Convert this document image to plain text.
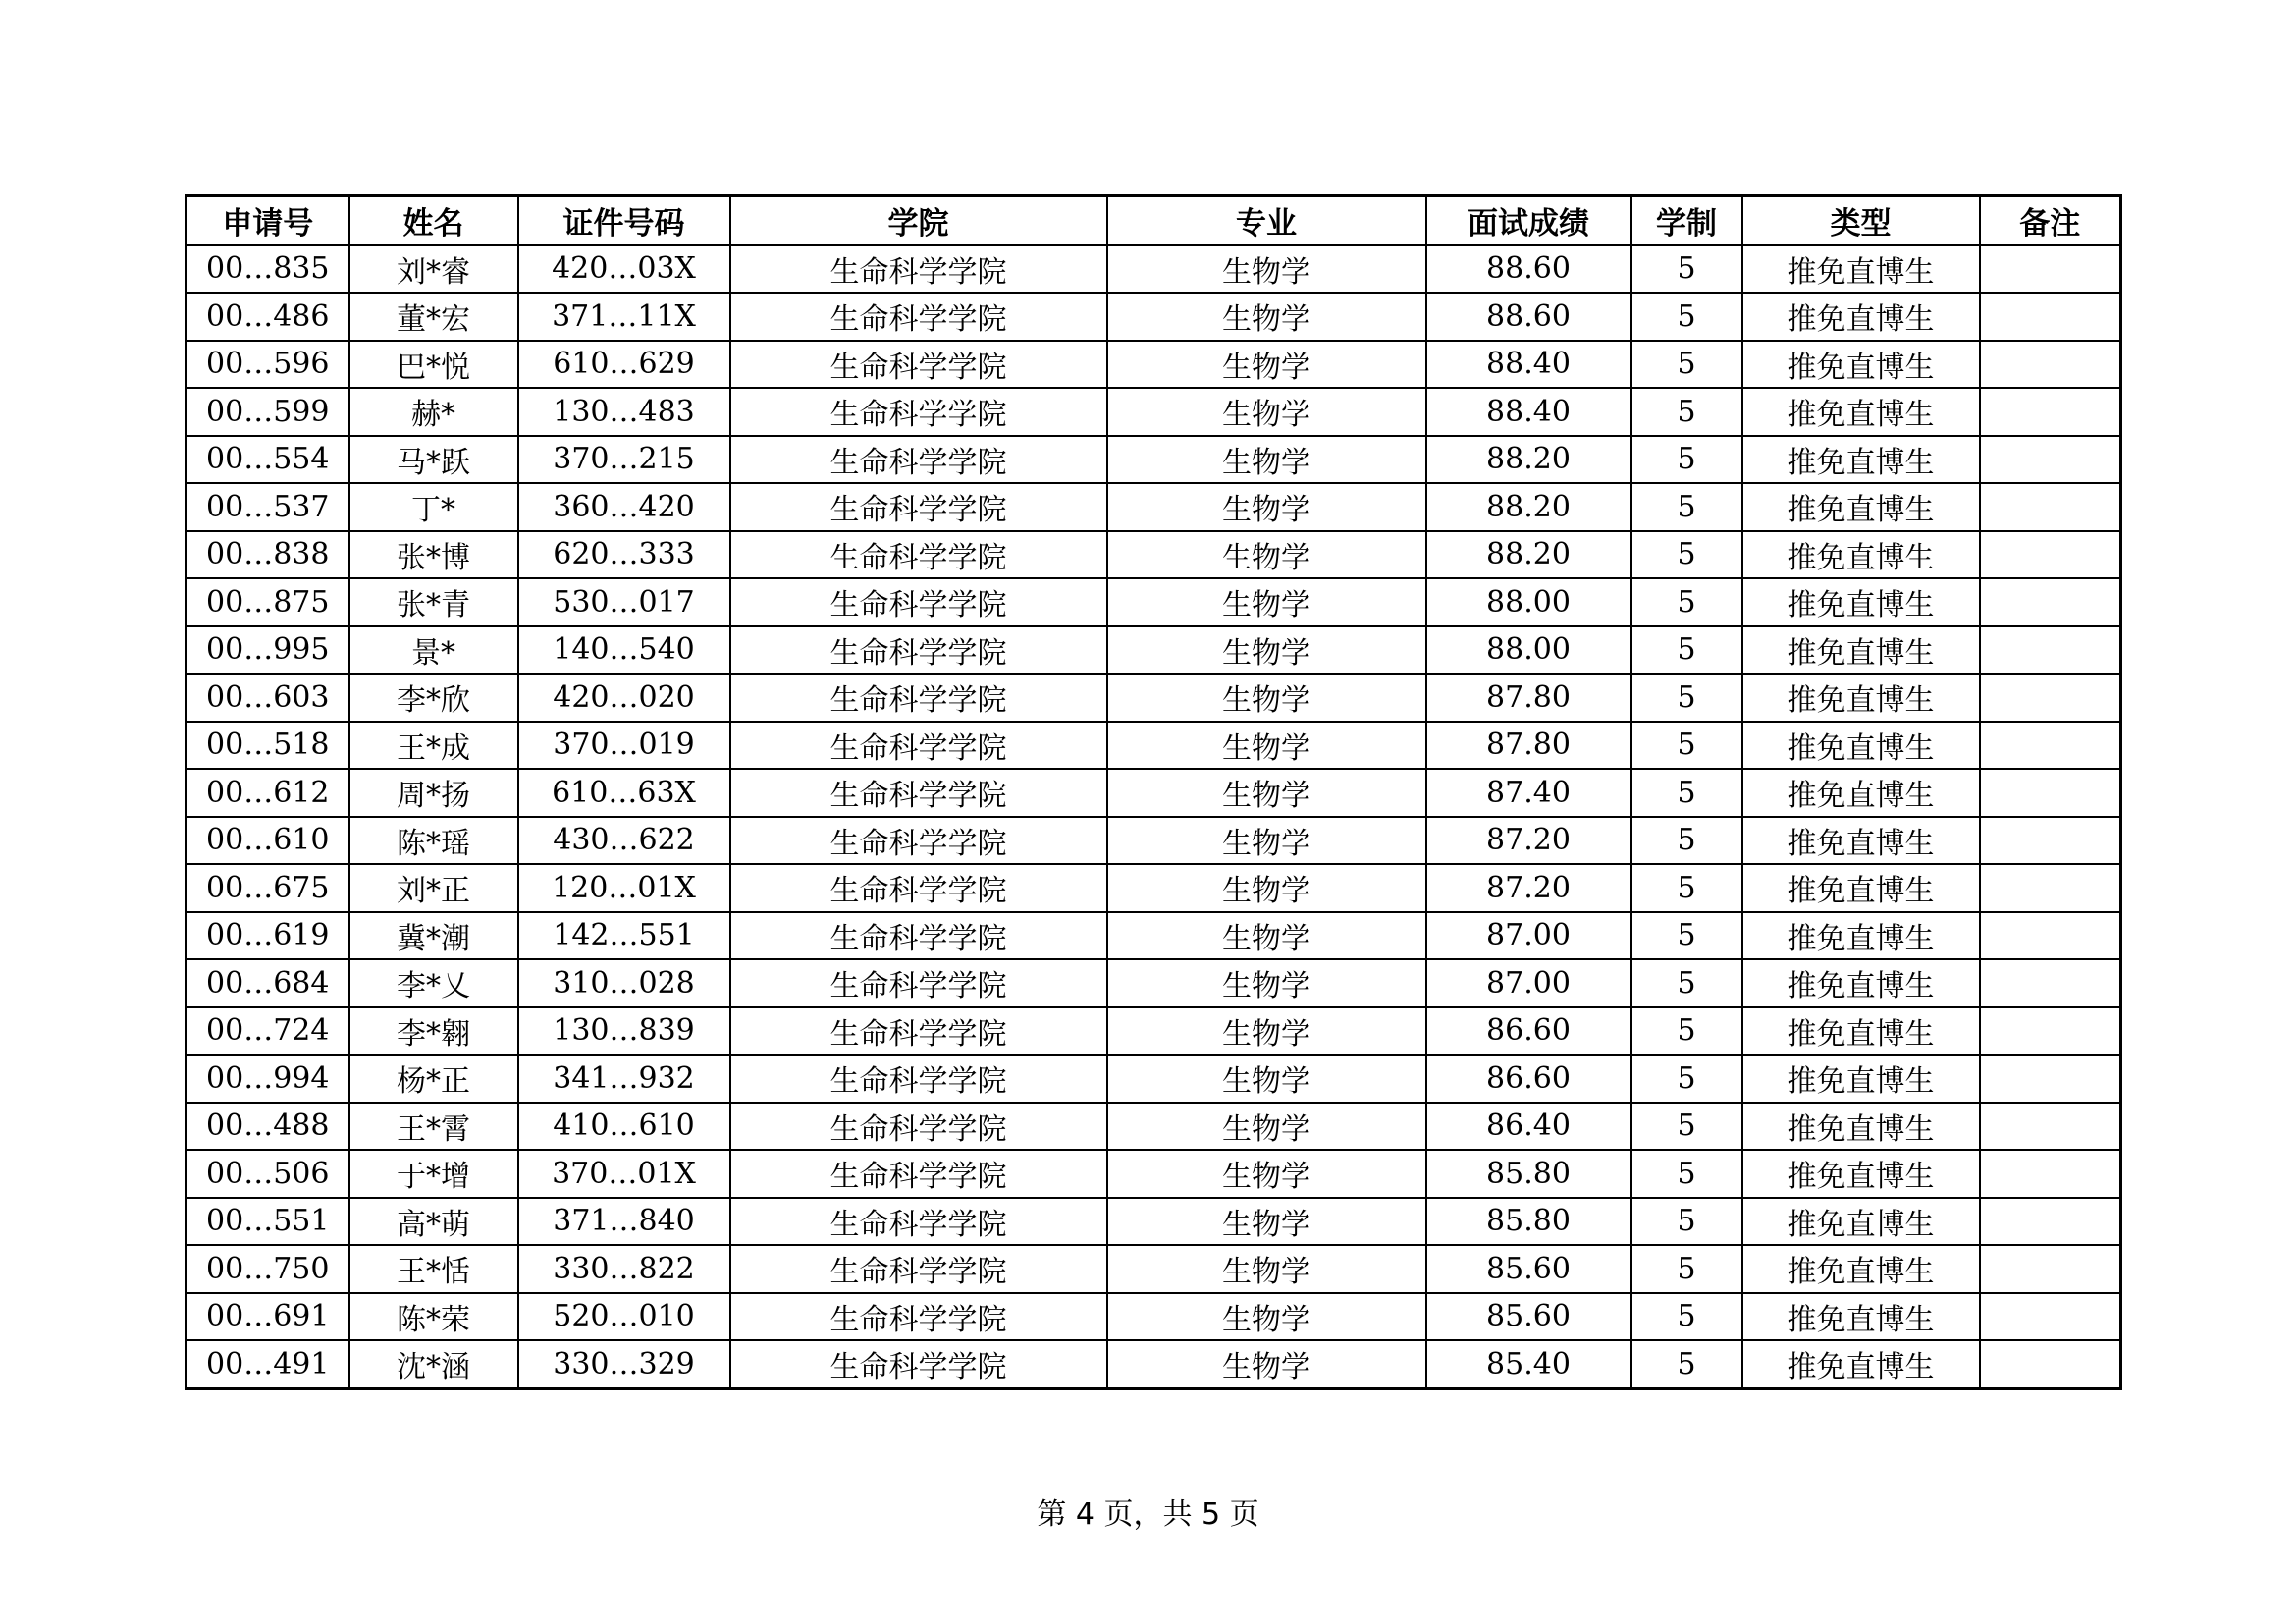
申请号	姓名	证件号码	学院	专业	面试成绩	学制	类型	备注
00…835	刘*睿	420…03X	生命科学学院	生物学	88.60	5	推免直博生	
00…486	董*宏	371…11X	生命科学学院	生物学	88.60	5	推免直博生	
00…596	巴*悦	610…629	生命科学学院	生物学	88.40	5	推免直博生	
00…599	赫*	130…483	生命科学学院	生物学	88.40	5	推免直博生	
00…554	马*跃	370…215	生命科学学院	生物学	88.20	5	推免直博生	
00…537	丁*	360…420	生命科学学院	生物学	88.20	5	推免直博生	
00…838	张*博	620…333	生命科学学院	生物学	88.20	5	推免直博生	
00…875	张*青	530…017	生命科学学院	生物学	88.00	5	推免直博生	
00…995	景*	140…540	生命科学学院	生物学	88.00	5	推免直博生	
00…603	李*欣	420…020	生命科学学院	生物学	87.80	5	推免直博生	
00…518	王*成	370…019	生命科学学院	生物学	87.80	5	推免直博生	
00…612	周*扬	610…63X	生命科学学院	生物学	87.40	5	推免直博生	
00…610	陈*瑶	430…622	生命科学学院	生物学	87.20	5	推免直博生	
00…675	刘*正	120…01X	生命科学学院	生物学	87.20	5	推免直博生	
00…619	冀*潮	142…551	生命科学学院	生物学	87.00	5	推免直博生	
00…684	李*乂	310…028	生命科学学院	生物学	87.00	5	推免直博生	
00…724	李*翱	130…839	生命科学学院	生物学	86.60	5	推免直博生	
00…994	杨*正	341…932	生命科学学院	生物学	86.60	5	推免直博生	
00…488	王*霄	410…610	生命科学学院	生物学	86.40	5	推免直博生	
00…506	于*增	370…01X	生命科学学院	生物学	85.80	5	推免直博生	
00…551	高*萌	371…840	生命科学学院	生物学	85.80	5	推免直博生	
00…750	王*恬	330…822	生命科学学院	生物学	85.60	5	推免直博生	
00…691	陈*荣	520…010	生命科学学院	生物学	85.60	5	推免直博生	
00…491	沈*涵	330…329	生命科学学院	生物学	85.40	5	推免直博生	
第 4 页，共 5 页
